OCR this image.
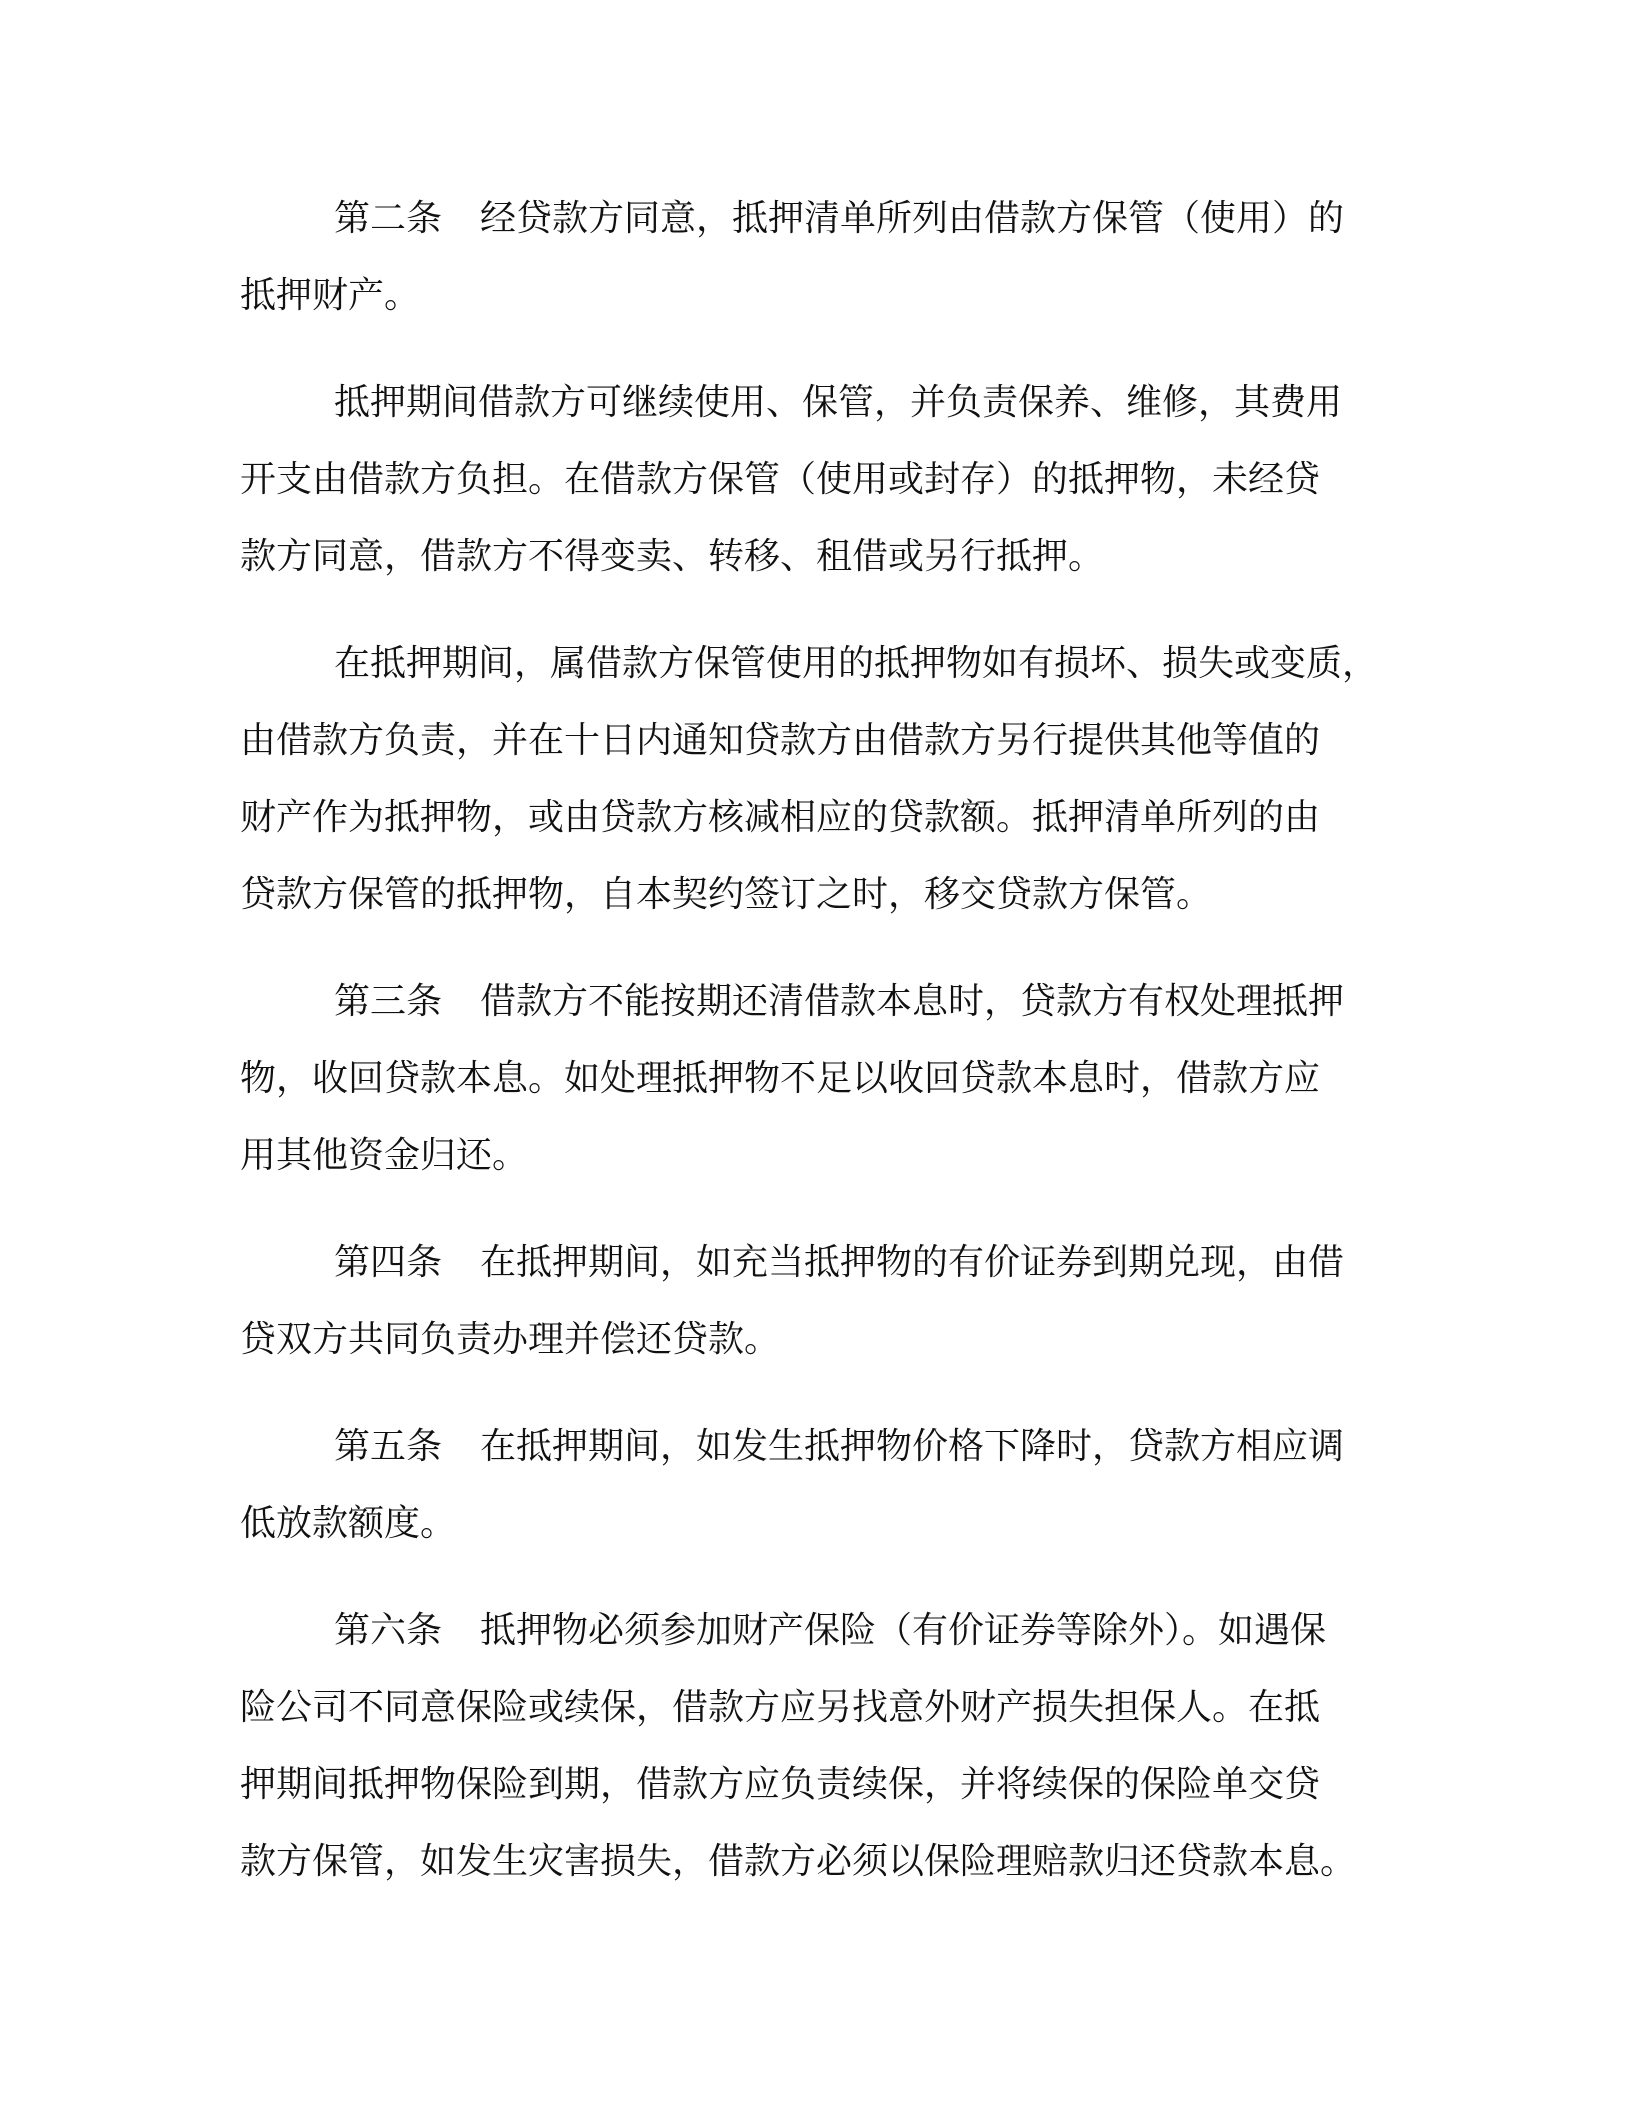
第二条 经贷款方同意，抵押清单所列由借款方保管（使用）的
抵押财产。
抵押期间借款方可继续使用、保管，并负责保养、维修，其费用
开支由借款方负担。在借款方保管（使用或封存）的抵押物，未经贷
款方同意，借款方不得变卖、转移、租借或另行抵押。
在抵押期间，属借款方保管使用的抵押物如有损坏、损失或变质，
由借款方负责，并在十日内通知贷款方由借款方另行提供其他等值的
财产作为抵押物，或由贷款方核减相应的贷款额。抵押清单所列的由
贷款方保管的抵押物，自本契约签订之时，移交贷款方保管。
第三条 借款方不能按期还清借款本息时，贷款方有权处理抵押
物，收回贷款本息。如处理抵押物不足以收回贷款本息时，借款方应
用其他资金归还。
第四条 在抵押期间，如充当抵押物的有价证券到期兑现，由借
贷双方共同负责办理并偿还贷款。
第五条 在抵押期间，如发生抵押物价格下降时，贷款方相应调
低放款额度。
第六条 抵押物必须参加财产保险（有价证券等除外）。如遇保
险公司不同意保险或续保，借款方应另找意外财产损失担保人。在抵
押期间抵押物保险到期，借款方应负责续保，并将续保的保险单交贷
款方保管，如发生灾害损失，借款方必须以保险理赔款归还贷款本息。
